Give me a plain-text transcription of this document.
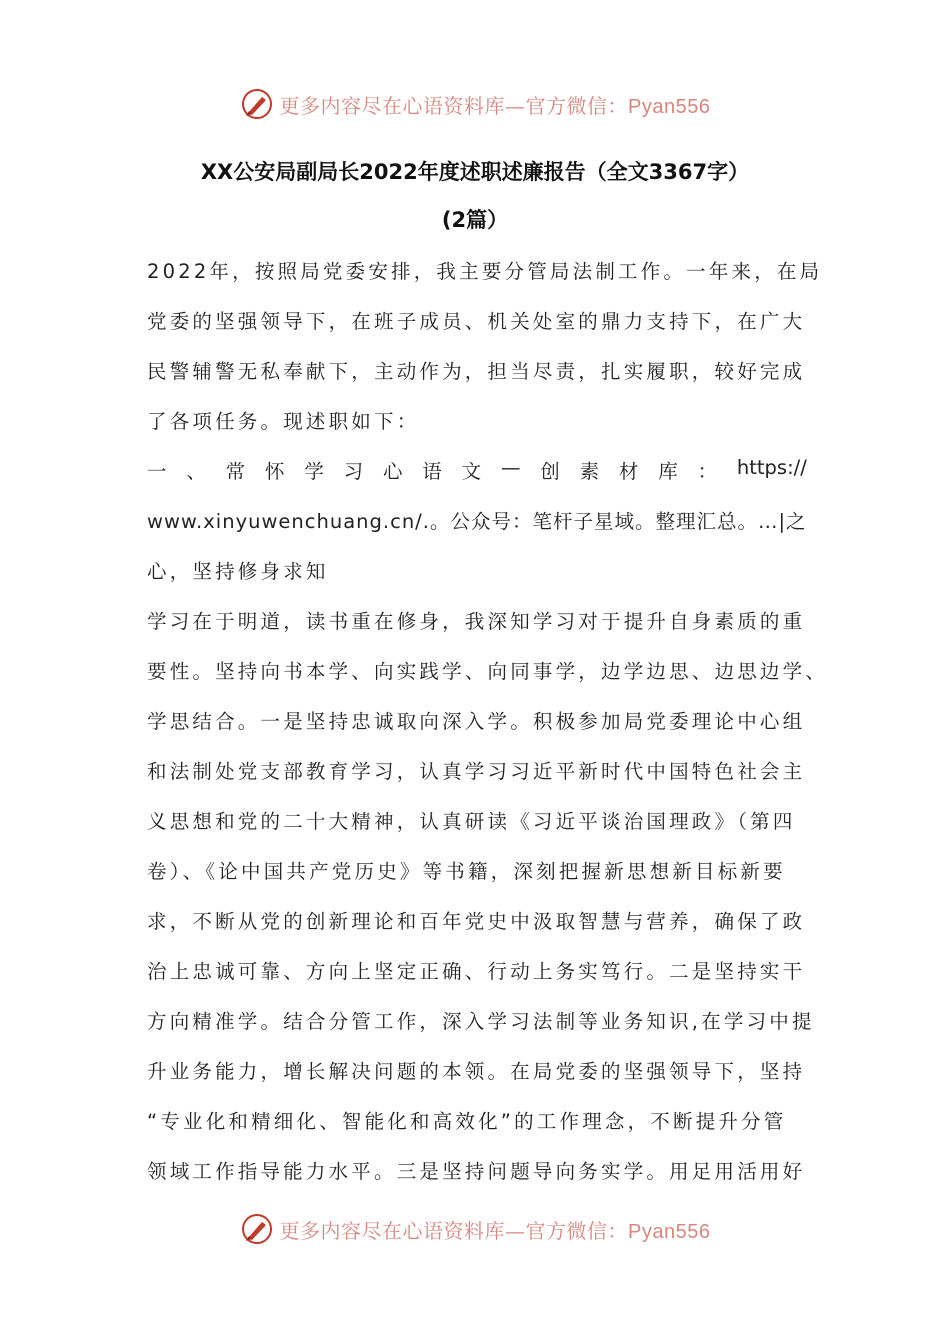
更多内容尽在心语资料库—官方微信：Pyan556
XX公安局副局长2022年度述职述廉报告（全文3367字）
(2篇）
2022年，按照局党委安排，我主要分管局法制工作。一年来，在局
党委的坚强领导下，在班子成员、机关处室的鼎力支持下，在广大
民警辅警无私奉献下，主动作为，担当尽责，扎实履职，较好完成
了各项任务。现述职如下：
一 、 常 怀 学 习 心 语 文 — 创 素 材 库 ： https://
www.xinyuwenchuang.cn/.。公众号：笔杆子星域。整理汇总。…|之
心，坚持修身求知
学习在于明道，读书重在修身，我深知学习对于提升自身素质的重
要性。坚持向书本学、向实践学、向同事学，边学边思、边思边学、
学思结合。一是坚持忠诚取向深入学。积极参加局党委理论中心组
和法制处党支部教育学习，认真学习习近平新时代中国特色社会主
义思想和党的二十大精神，认真研读《习近平谈治国理政》（第四
卷）、《论中国共产党历史》等书籍，深刻把握新思想新目标新要
求，不断从党的创新理论和百年党史中汲取智慧与营养，确保了政
治上忠诚可靠、方向上坚定正确、行动上务实笃行。二是坚持实干
方向精准学。结合分管工作，深入学习法制等业务知识,在学习中提
升业务能力，增长解决问题的本领。在局党委的坚强领导下，坚持
“专业化和精细化、智能化和高效化”的工作理念，不断提升分管
领域工作指导能力水平。三是坚持问题导向务实学。用足用活用好
更多内容尽在心语资料库—官方微信：Pyan556
